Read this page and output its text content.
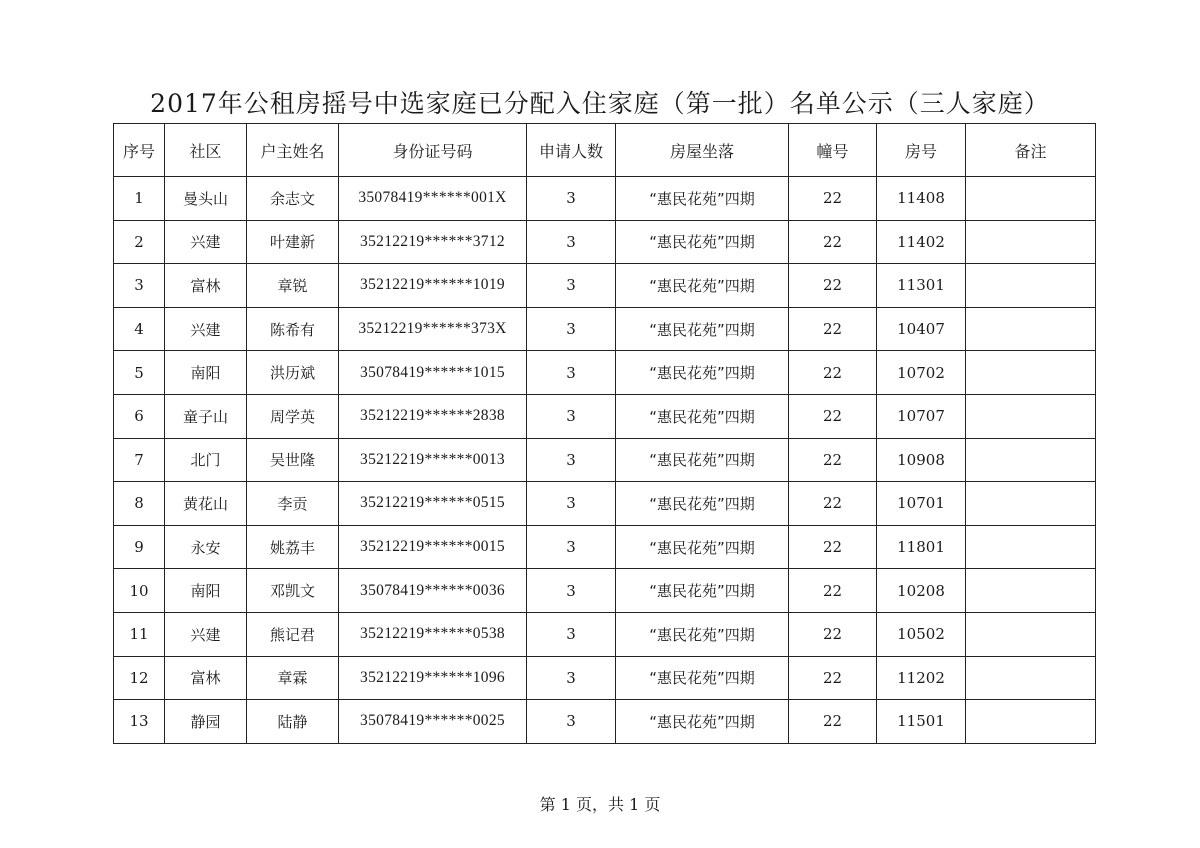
2017年公租房摇号中选家庭已分配入住家庭（第一批）名单公示（三人家庭）
序号	社区	户主姓名	身份证号码	申请人数	房屋坐落	幢号	房号	备注
1	曼头山	余志文	35078419******001X	3	“惠民花苑”四期	22	11408	
2	兴建	叶建新	35212219******3712	3	“惠民花苑”四期	22	11402	
3	富林	章锐	35212219******1019	3	“惠民花苑”四期	22	11301	
4	兴建	陈希有	35212219******373X	3	“惠民花苑”四期	22	10407	
5	南阳	洪历斌	35078419******1015	3	“惠民花苑”四期	22	10702	
6	童子山	周学英	35212219******2838	3	“惠民花苑”四期	22	10707	
7	北门	吴世隆	35212219******0013	3	“惠民花苑”四期	22	10908	
8	黄花山	李贡	35212219******0515	3	“惠民花苑”四期	22	10701	
9	永安	姚荔丰	35212219******0015	3	“惠民花苑”四期	22	11801	
10	南阳	邓凯文	35078419******0036	3	“惠民花苑”四期	22	10208	
11	兴建	熊记君	35212219******0538	3	“惠民花苑”四期	22	10502	
12	富林	章霖	35212219******1096	3	“惠民花苑”四期	22	11202	
13	静园	陆静	35078419******0025	3	“惠民花苑”四期	22	11501	
第 1 页，共 1 页
